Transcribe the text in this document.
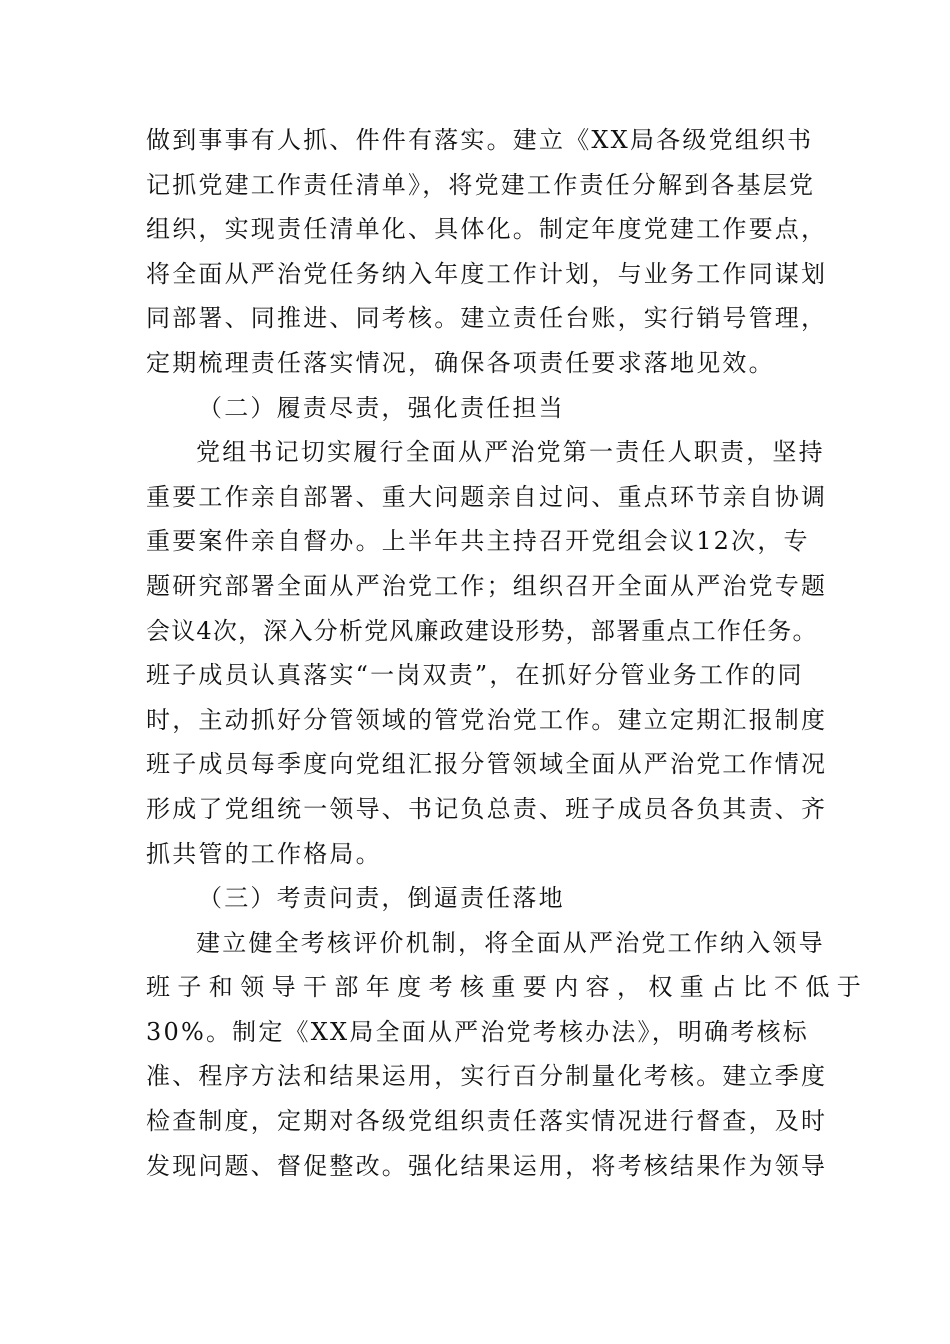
做到事事有人抓、件件有落实。建立《XX局各级党组织书
记抓党建工作责任清单》，将党建工作责任分解到各基层党
组织，实现责任清单化、具体化。制定年度党建工作要点，
将全面从严治党任务纳入年度工作计划，与业务工作同谋划
同部署、同推进、同考核。建立责任台账，实行销号管理，
定期梳理责任落实情况，确保各项责任要求落地见效。
（二）履责尽责，强化责任担当
党组书记切实履行全面从严治党第一责任人职责，坚持
重要工作亲自部署、重大问题亲自过问、重点环节亲自协调
重要案件亲自督办。上半年共主持召开党组会议12次，专
题研究部署全面从严治党工作；组织召开全面从严治党专题
会议4次，深入分析党风廉政建设形势，部署重点工作任务。
班子成员认真落实“一岗双责”，在抓好分管业务工作的同
时，主动抓好分管领域的管党治党工作。建立定期汇报制度
班子成员每季度向党组汇报分管领域全面从严治党工作情况
形成了党组统一领导、书记负总责、班子成员各负其责、齐
抓共管的工作格局。
（三）考责问责，倒逼责任落地
建立健全考核评价机制，将全面从严治党工作纳入领导
班子和领导干部年度考核重要内容，权重占比不低于
30%。制定《XX局全面从严治党考核办法》，明确考核标
准、程序方法和结果运用，实行百分制量化考核。建立季度
检查制度，定期对各级党组织责任落实情况进行督查，及时
发现问题、督促整改。强化结果运用，将考核结果作为领导
